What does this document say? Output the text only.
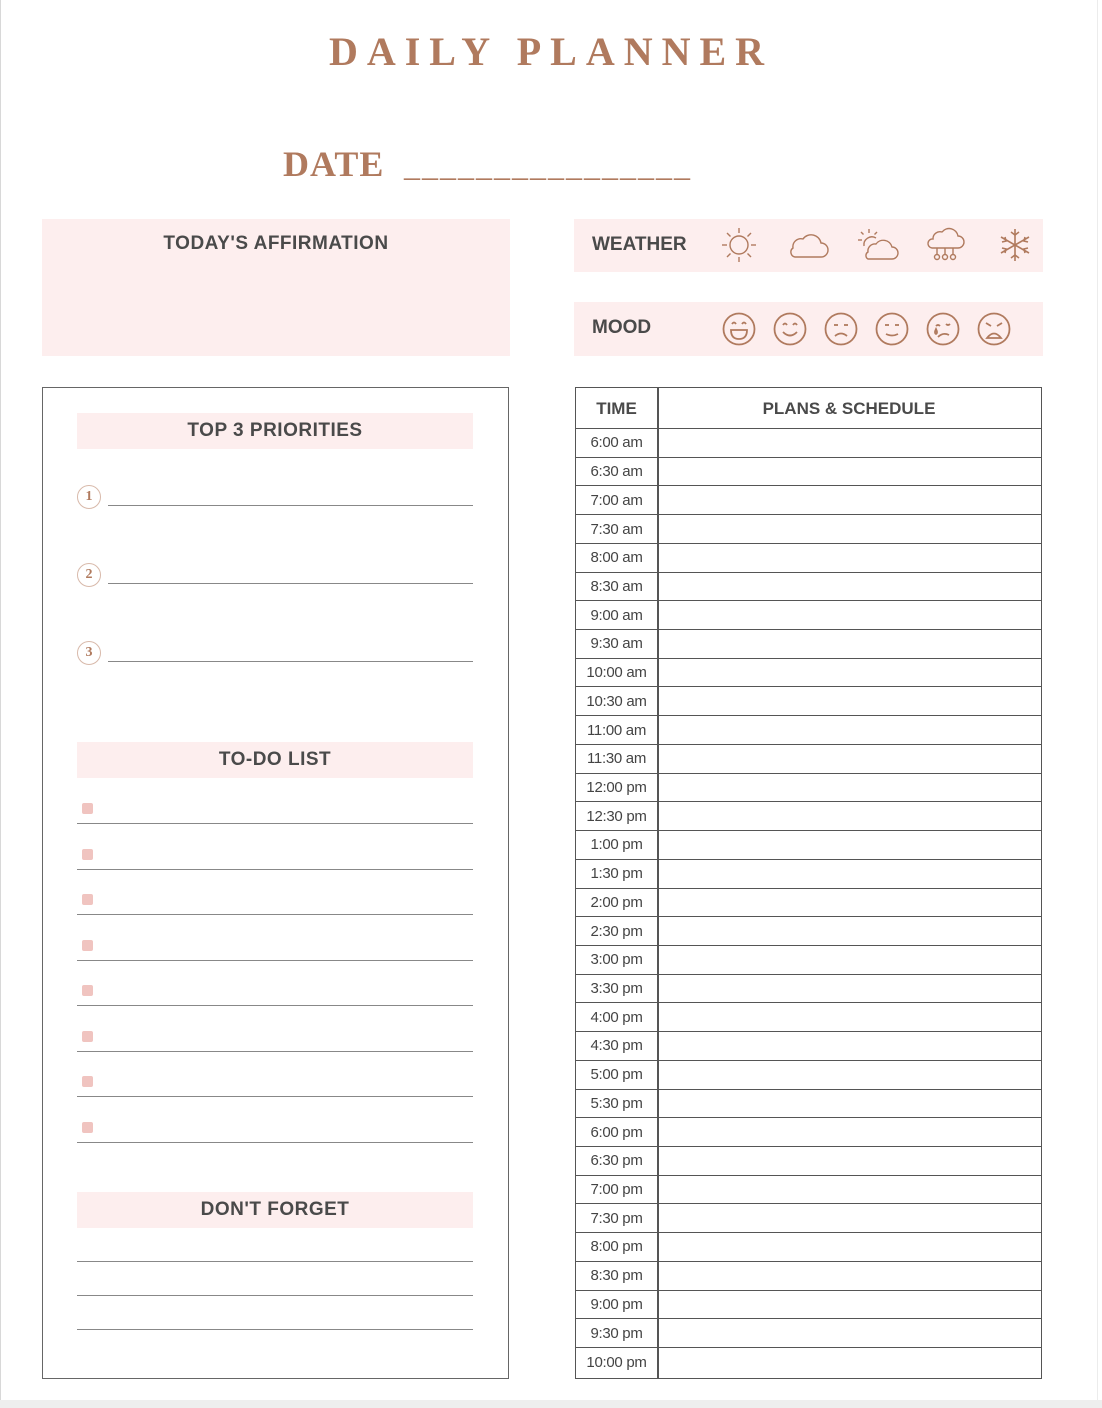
DAILY PLANNER
DATE ________________
TODAY'S AFFIRMATION	WEATHER
MOOD
TOP 3 PRIORITIES
1
2
3
TO-DO LIST
DON'T FORGET
TIME	PLANS & SCHEDULE
6:00 am
6:30 am
7:00 am
7:30 am
8:00 am
8:30 am
9:00 am
9:30 am
10:00 am
10:30 am
11:00 am
11:30 am
12:00 pm
12:30 pm
1:00 pm
1:30 pm
2:00 pm
2:30 pm
3:00 pm
3:30 pm
4:00 pm
4:30 pm
5:00 pm
5:30 pm
6:00 pm
6:30 pm
7:00 pm
7:30 pm
8:00 pm
8:30 pm
9:00 pm
9:30 pm
10:00 pm
